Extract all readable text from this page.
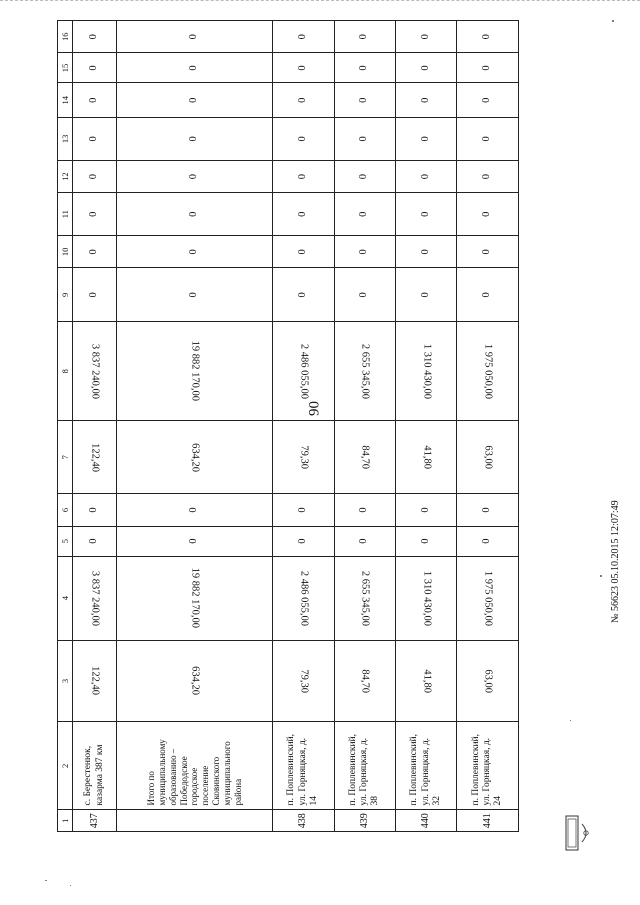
90
1	2	3	4	5	6	7	8	9	10	11	12	13	14	15	16
437	с. Берестенюк, казарма 387 км	122,40	3 837 240,00	0	0	122,40	3 837 240,00	0	0	0	0	0	0	0	0
	Итого по муниципальному образованию – Победодское городское поселение Сковинского муниципального района	634,20	19 882 170,00	0	0	634,20	19 882 170,00	0	0	0	0	0	0	0	0
438	п. Поплевинский, ул. Горняцкая, д. 14	79,30	2 486 055,00	0	0	79,30	2 486 055,00	0	0	0	0	0	0	0	0
439	п. Поплевинский, ул. Горняцкая, д. 38	84,70	2 655 345,00	0	0	84,70	2 655 345,00	0	0	0	0	0	0	0	0
440	п. Поплевинский, ул. Горняцкая, д. 32	41,80	1 310 430,00	0	0	41,80	1 310 430,00	0	0	0	0	0	0	0	0
441	п. Поплевинский, ул. Горняцкая, д. 24	63,00	1 975 050,00	0	0	63,00	1 975 050,00	0	0	0	0	0	0	0	0
№ 56623 05.10.2015 12:07:49
